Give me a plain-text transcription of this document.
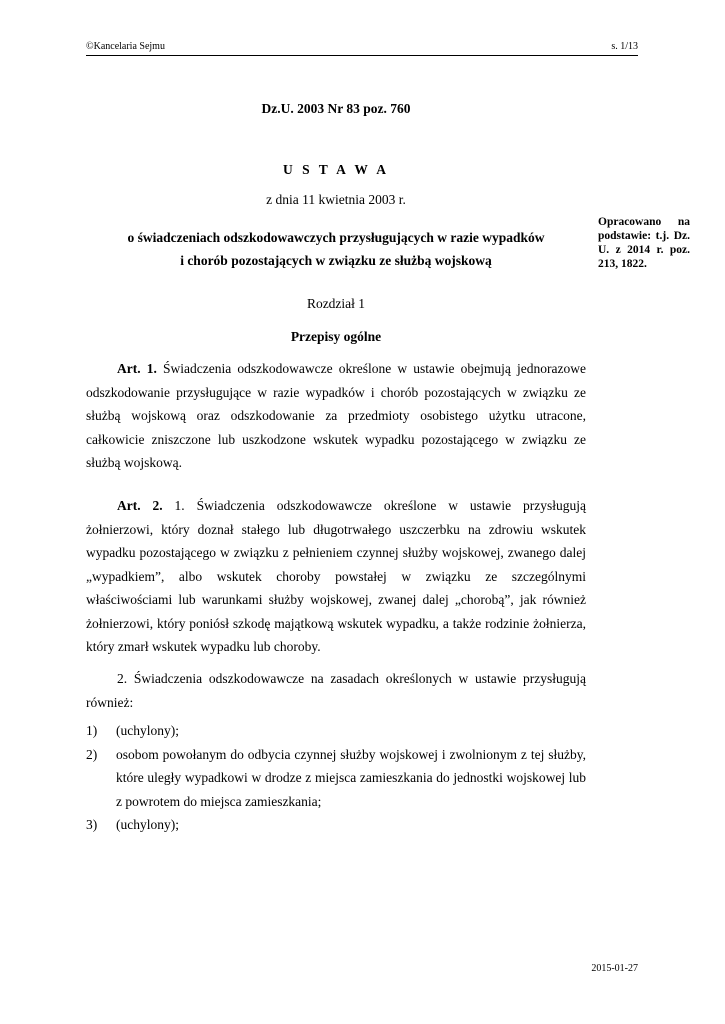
©Kancelaria Sejmu	s. 1/13
Dz.U. 2003 Nr 83 poz. 760
U S T A W A
z dnia 11 kwietnia 2003 r.
o świadczeniach odszkodowawczych przysługujących w razie wypadków
i chorób pozostających w związku ze służbą wojskową
Opracowano na podstawie: t.j. Dz. U. z 2014 r. poz. 213, 1822.
Rozdział 1
Przepisy ogólne

Art. 1. Świadczenia odszkodowawcze określone w ustawie obejmują jednorazowe odszkodowanie przysługujące w razie wypadków i chorób pozostających w związku ze służbą wojskową oraz odszkodowanie za przedmioty osobistego użytku utracone, całkowicie zniszczone lub uszkodzone wskutek wypadku pozostającego w związku ze służbą wojskową.

Art. 2. 1. Świadczenia odszkodowawcze określone w ustawie przysługują żołnierzowi, który doznał stałego lub długotrwałego uszczerbku na zdrowiu wskutek wypadku pozostającego w związku z pełnieniem czynnej służby wojskowej, zwanego dalej „wypadkiem”, albo wskutek choroby powstałej w związku ze szczególnymi właściwościami lub warunkami służby wojskowej, zwanej dalej „chorobą”, jak również żołnierzowi, który poniósł szkodę majątkową wskutek wypadku, a także rodzinie żołnierza, który zmarł wskutek wypadku lub choroby.

2. Świadczenia odszkodowawcze na zasadach określonych w ustawie przysługują również:

1) (uchylony);
2) osobom powołanym do odbycia czynnej służby wojskowej i zwolnionym z tej służby, które uległy wypadkowi w drodze z miejsca zamieszkania do jednostki wojskowej lub z powrotem do miejsca zamieszkania;
3) (uchylony);
2015-01-27
